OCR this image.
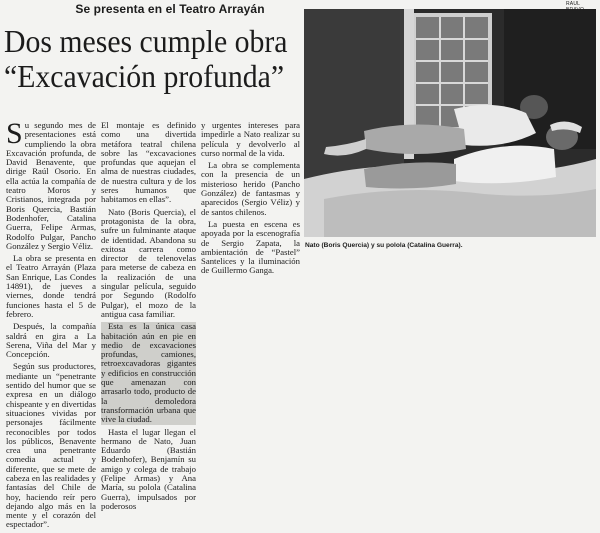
Se presenta en el Teatro Arrayán
Dos meses cumple obra
“Excavación profunda”
RAUL
Nato (Boris Quercia) y su polola (Catalina Guerra).

Su segundo mes de presentaciones está cumpliendo la obra Excavación profunda, de David Benavente, que dirige Raúl Osorio. En ella actúa la compañía de teatro Moros y Cristianos, integrada por Boris Quercia, Bastián Bodenhofer, Catalina Guerra, Felipe Armas, Rodolfo Pulgar, Pancho González y Sergio Véliz.

La obra se presenta en el Teatro Arrayán (Plaza San Enrique, Las Condes 14891), de jueves a viernes, donde tendrá funciones hasta el 5 de febrero.

Después, la compañía saldrá en gira a La Serena, Viña del Mar y Concepción.

Según sus productores, mediante un “penetrante sentido del humor que se expresa en un diálogo chispeante y en divertidas situaciones vividas por personajes fácilmente reconocibles por todos los públicos, Benavente crea una penetrante comedia actual y diferente, que se mete de cabeza en las realidades y fantasías del Chile de hoy, haciendo reír pero dejando algo más en la mente y el corazón del espectador”.

El montaje es definido como una divertida metáfora teatral chilena sobre las “excavaciones profundas que aquejan el alma de nuestras ciudades, de nuestra cultura y de los seres humanos que habitamos en ellas”.

Nato (Boris Quercia), el protagonista de la obra, sufre un fulminante ataque de identidad. Abandona su exitosa carrera como director de telenovelas para meterse de cabeza en la realización de una singular película, seguido por Segundo (Rodolfo Pulgar), el mozo de la antigua casa familiar.

Esta es la única casa habitación aún en pie en medio de excavaciones profundas, camiones, retroexcavadoras gigantes y edificios en construcción que amenazan con arrasarlo todo, producto de la demoledora transformación urbana que vive la ciudad.

Hasta el lugar llegan el hermano de Nato, Juan Eduardo (Bastián Bodenhofer), Benjamín su amigo y colega de trabajo (Felipe Armas) y Ana María, su polola (Catalina Guerra), impulsados por poderosos

y urgentes intereses para impedirle a Nato realizar su película y devolverlo al curso normal de la vida.

La obra se complementa con la presencia de un misterioso herido (Pancho González) de fantasmas y aparecidos (Sergio Véliz) y de santos chilenos.

La puesta en escena es apoyada por la escenografía de Sergio Zapata, la ambientación de “Pastel” Santelices y la iluminación de Guillermo Ganga.
